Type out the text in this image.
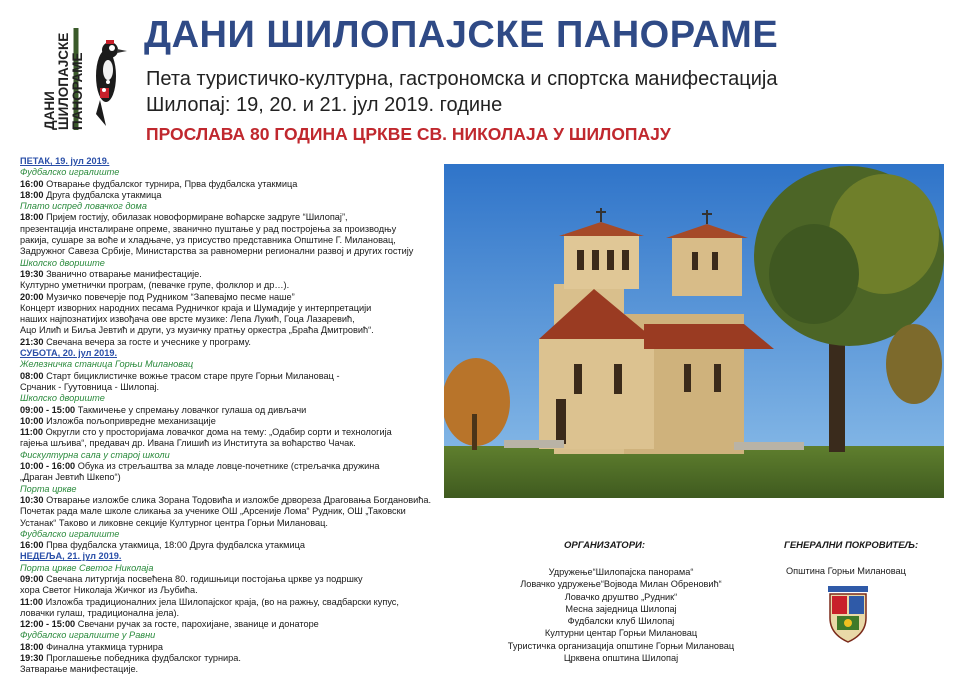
ДАНИ ШИЛОПАЈСКЕ ПАНОРАМЕ
ДАНИ ШИЛОПАЈСКЕ ПАНОРАМЕ
Пета туристичко-културна, гастрономска и спортска манифестација
Шилопај: 19, 20. и 21. јул 2019. године
ПРОСЛАВА 80 ГОДИНА ЦРКВЕ СВ. НИКОЛАЈА У ШИЛОПАЈУ
ПЕТАК, 19. јул 2019.
Фудбалско игралиште
16:00 Отварање фудбалског турнира, Прва фудбалска утакмица
18:00 Друга фудбалска утакмица
Плато испред ловачког дома
18:00 Пријем гостију, обилазак новоформиране воћарске задруге “Шилопај”,
презентација инсталиране опреме, званично пуштање у рад постројења за производњу
ракија, сушаре за воће и хладњаче, уз присуство представника Општине Г. Милановац,
Задружног Савеза Србије, Министарства за равномерни регионални развој и других гостију
Школско двориште
19:30 Званично отварање манифестације.
Културно уметнички програм, (певачке групе, фолклор и др…).
20:00 Музичко повечерје под Рудником “Запевајмо песме наше”
Концерт изворних народних песама Рудничког краја и Шумадије у интерпретацији
наших најпознатијих извођача ове врсте музике: Лепа Лукић, Гоца Лазаревић,
Ацо Илић и Биља Јевтић и други, уз музичку пратњу оркестра „Браћа Дмитровић“.
21:30 Свечана вечера за госте и учеснике у програму.
СУБОТА, 20. јул 2019.
Железничка станица Горњи Милановац
08:00 Старт бициклистичке вожње трасом старе пруге Горњи Милановац -
Срчаник - Гуутовница - Шилопај.
Школско двориште
09:00 - 15:00 Такмичење у спремању ловачког гулаша од дивљачи
10:00 Изложба пољопривредне механизације
11:00 Округли сто у просторијама ловачког дома на тему: „Одабир сорти и технологија
гајења шљива“, предавач др. Ивана Глишић из Института за воћарство Чачак.
Фискултурна сала у старој школи
10:00 - 16:00 Обука из стрељаштва за младе ловце-почетнике (стрељачка дружина
„Драган Јевтић Шкепо“)
Порта цркве
10:30 Отварање изложбе слика Зорана Тодовића и изложбе дрвореза Драговањa Богдановића.
Почетак рада мале школе сликања за ученике ОШ „Арсеније Лома“ Рудник, ОШ „Таковски
Устанак“ Таково и ликовне секције Културног центра Горњи Милановац.
Фудбалско игралиште
16:00 Прва фудбалска утакмица, 18:00 Друга фудбалска утакмица
НЕДЕЉА, 21. јул 2019.
Порта цркве Светог Николаја
09:00 Свечана литургија посвећена 80. годишњици постојања цркве уз подршку
хора Светог Николаја Жичког из Љубића.
11:00 Изложба традиционалних јела Шилопајског краја, (во на ражњу, свадбарски купус,
ловачки гулаш, традиционална јела).
12:00 - 15:00 Свечани ручак за госте, парохијане, званице и донаторе
Фудбалско игралиште у Равни
18:00 Финална утакмица турнира
19:30 Проглашење победника фудбалског турнира.
Затварање манифестације.
ОРГАНИЗАТОРИ:
Удружење“Шилопајска панорама“
Ловачко удружење“Војвода Милан Обреновић“
Ловачко друштво „Рудник“
Месна заједница Шилопај
Фудбалски клуб Шилопај
Културни центар Горњи Милановац
Туристичка организација општине Горњи Милановац
Црквена општина Шилопај
ГЕНЕРАЛНИ ПОКРОВИТЕЉ:
Општина Горњи Милановац
